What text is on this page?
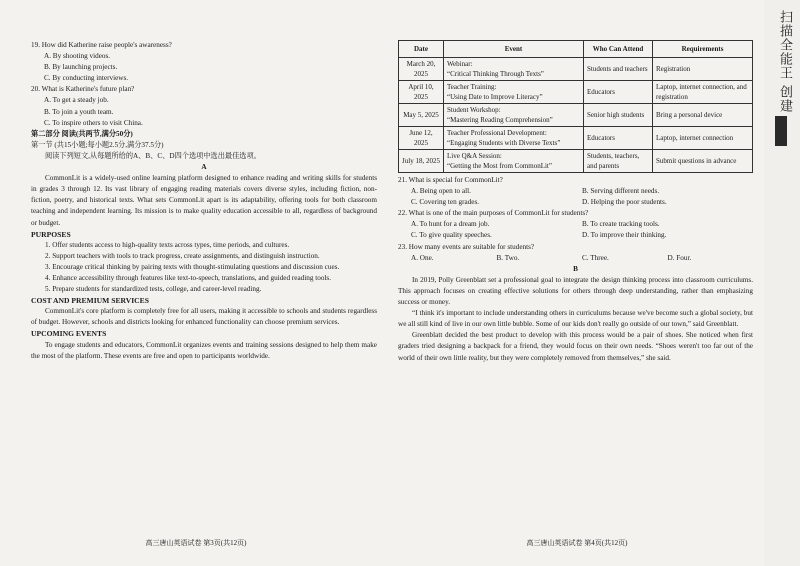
19. How did Katherine raise people's awareness?

A. By shooting videos.
B. By launching projects.
C. By conducting interviews.

20. What is Katherine's future plan?

A. To get a steady job.
B. To join a youth team.
C. To inspire others to visit China.
第二部分 阅读(共两节,满分50分)
第一节 (共15小题;每小题2.5分,满分37.5分)
阅读下列短文,从每题所给的A、B、C、D四个选项中选出最佳选项。
A
CommonLit is a widely-used online learning platform designed to enhance reading and writing skills for students in grades 3 through 12. Its vast library of engaging reading materials covers diverse styles, including fiction, non-fiction, poetry, and historical texts. What sets CommonLit apart is its adaptability, offering tools for both classroom teaching and independent learning. Its mission is to make quality education accessible to all, regardless of background or budget.
PURPOSES
1. Offer students access to high-quality texts across types, time periods, and cultures.
2. Support teachers with tools to track progress, create assignments, and distinguish instruction.
3. Encourage critical thinking by pairing texts with thought-stimulating questions and discussion cues.
4. Enhance accessibility through features like text-to-speech, translations, and guided reading tools.
5. Prepare students for standardized tests, college, and career-level reading.
COST AND PREMIUM SERVICES
CommonLit's core platform is completely free for all users, making it accessible to schools and students regardless of budget. However, schools and districts looking for enhanced functionality can choose premium services.
UPCOMING EVENTS
To engage students and educators, CommonLit organizes events and training sessions designed to help them make the most of the platform. These events are free and open to participants worldwide.
高三唐山英语试卷 第3页(共12页)
Date	Event	Who Can Attend	Requirements
March 20, 2025	Webinar:
“Critical Thinking Through Texts”	Students and teachers	Registration
April 10, 2025	Teacher Training:
“Using Date to Improve Literacy”	Educators	Laptop, internet connection, and registration
May 5, 2025	Student Workshop:
“Mastering Reading Comprehension”	Senior high students	Bring a personal device
June 12, 2025	Teacher Professional Development:
“Engaging Students with Diverse Texts”	Educators	Laptop, internet connection
July 18, 2025	Live Q&A Session:
“Getting the Most from CommonLit”	Students, teachers, and parents	Submit questions in advance

21. What is special for CommonLit?

A. Being open to all.	B. Serving different needs.
C. Covering ten grades.	D. Helping the poor students.

22. What is one of the main purposes of CommonLit for students?

A. To hunt for a dream job.	B. To create tracking tools.
C. To give quality speeches.	D. To improve their thinking.

23. How many events are suitable for students?

A. One.	B. Two.	C. Three.	D. Four.
B
In 2019, Polly Greenblatt set a professional goal to integrate the design thinking process into classroom curriculums. This approach focuses on creating effective solutions for others through deep understanding, rather than emphasizing success or money.
“I think it's important to include understanding others in curriculums because we've become such a global society, but we all still kind of live in our own little bubble. Some of our kids don't really go outside of our town,” said Greenblatt.
Greenblatt decided the best product to develop with this process would be a pair of shoes. She noticed when first graders tried designing a backpack for a friend, they would focus on their own needs. “Shoes weren't too far out of the world of their own little reality, but they were completely removed from themselves,” she said.
高三唐山英语试卷 第4页(共12页)
扫描全能王 创建
